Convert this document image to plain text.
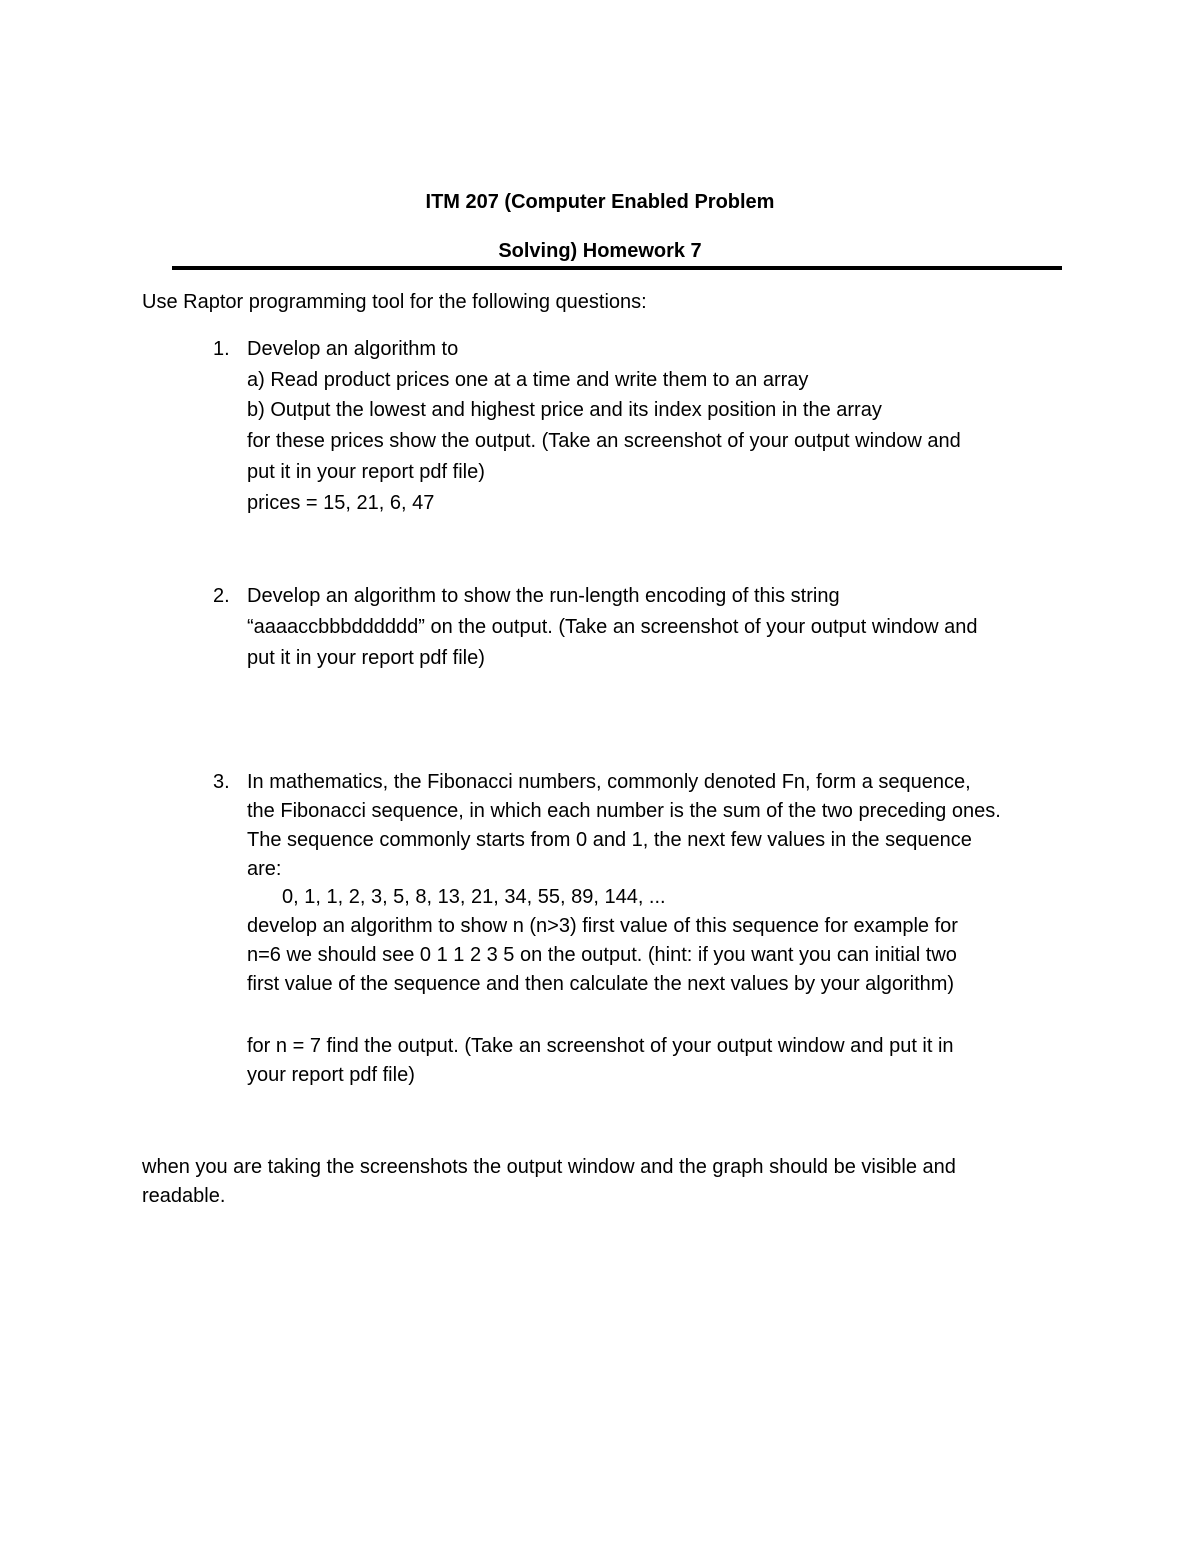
ITM 207 (Computer Enabled Problem
Solving) Homework 7
Use Raptor programming tool for the following questions:
1. Develop an algorithm to
a) Read product prices one at a time and write them to an array
b) Output the lowest and highest price and its index position in the array
for these prices show the output. (Take an screenshot of your output window and
put it in your report pdf file)
prices = 15, 21, 6, 47
2. Develop an algorithm to show the run-length encoding of this string
“aaaaccbbbdddddd” on the output. (Take an screenshot of your output window and
put it in your report pdf file)
3. In mathematics, the Fibonacci numbers, commonly denoted Fn, form a sequence,
the Fibonacci sequence, in which each number is the sum of the two preceding ones.
The sequence commonly starts from 0 and 1, the next few values in the sequence
are:
0, 1, 1, 2, 3, 5, 8, 13, 21, 34, 55, 89, 144, ...
develop an algorithm to show n (n>3) first value of this sequence for example for
n=6 we should see 0 1 1 2 3 5 on the output. (hint: if you want you can initial two
first value of the sequence and then calculate the next values by your algorithm)
for n = 7 find the output. (Take an screenshot of your output window and put it in
your report pdf file)
when you are taking the screenshots the output window and the graph should be visible and
readable.
